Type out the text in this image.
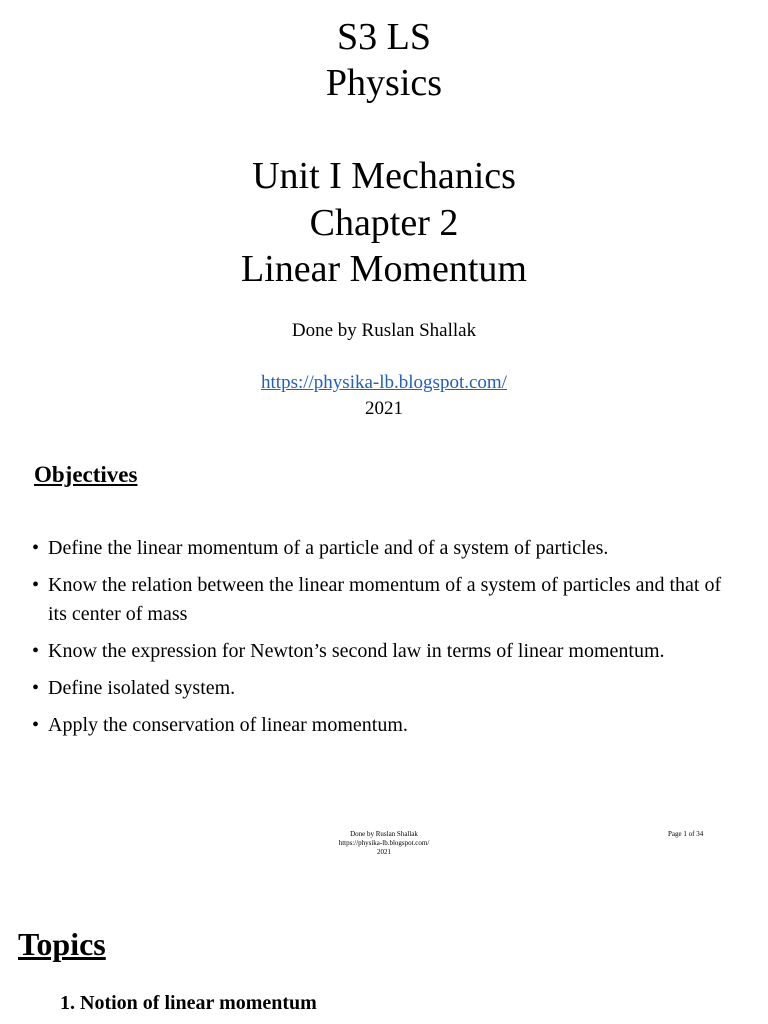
S3 LS
Physics
Unit I Mechanics
Chapter 2
Linear Momentum
Done by Ruslan Shallak
https://physika-lb.blogspot.com/
2021
Objectives
• Define the linear momentum of a particle and of a system of particles.
• Know the relation between the linear momentum of a system of particles and that of its center of mass
• Know the expression for Newton’s second law in terms of linear momentum.
• Define isolated system.
• Apply the conservation of linear momentum.
Done by Ruslan Shallak
https://physika-lb.blogspot.com/
2021
Page 1 of 34
Topics
1. Notion of linear momentum
